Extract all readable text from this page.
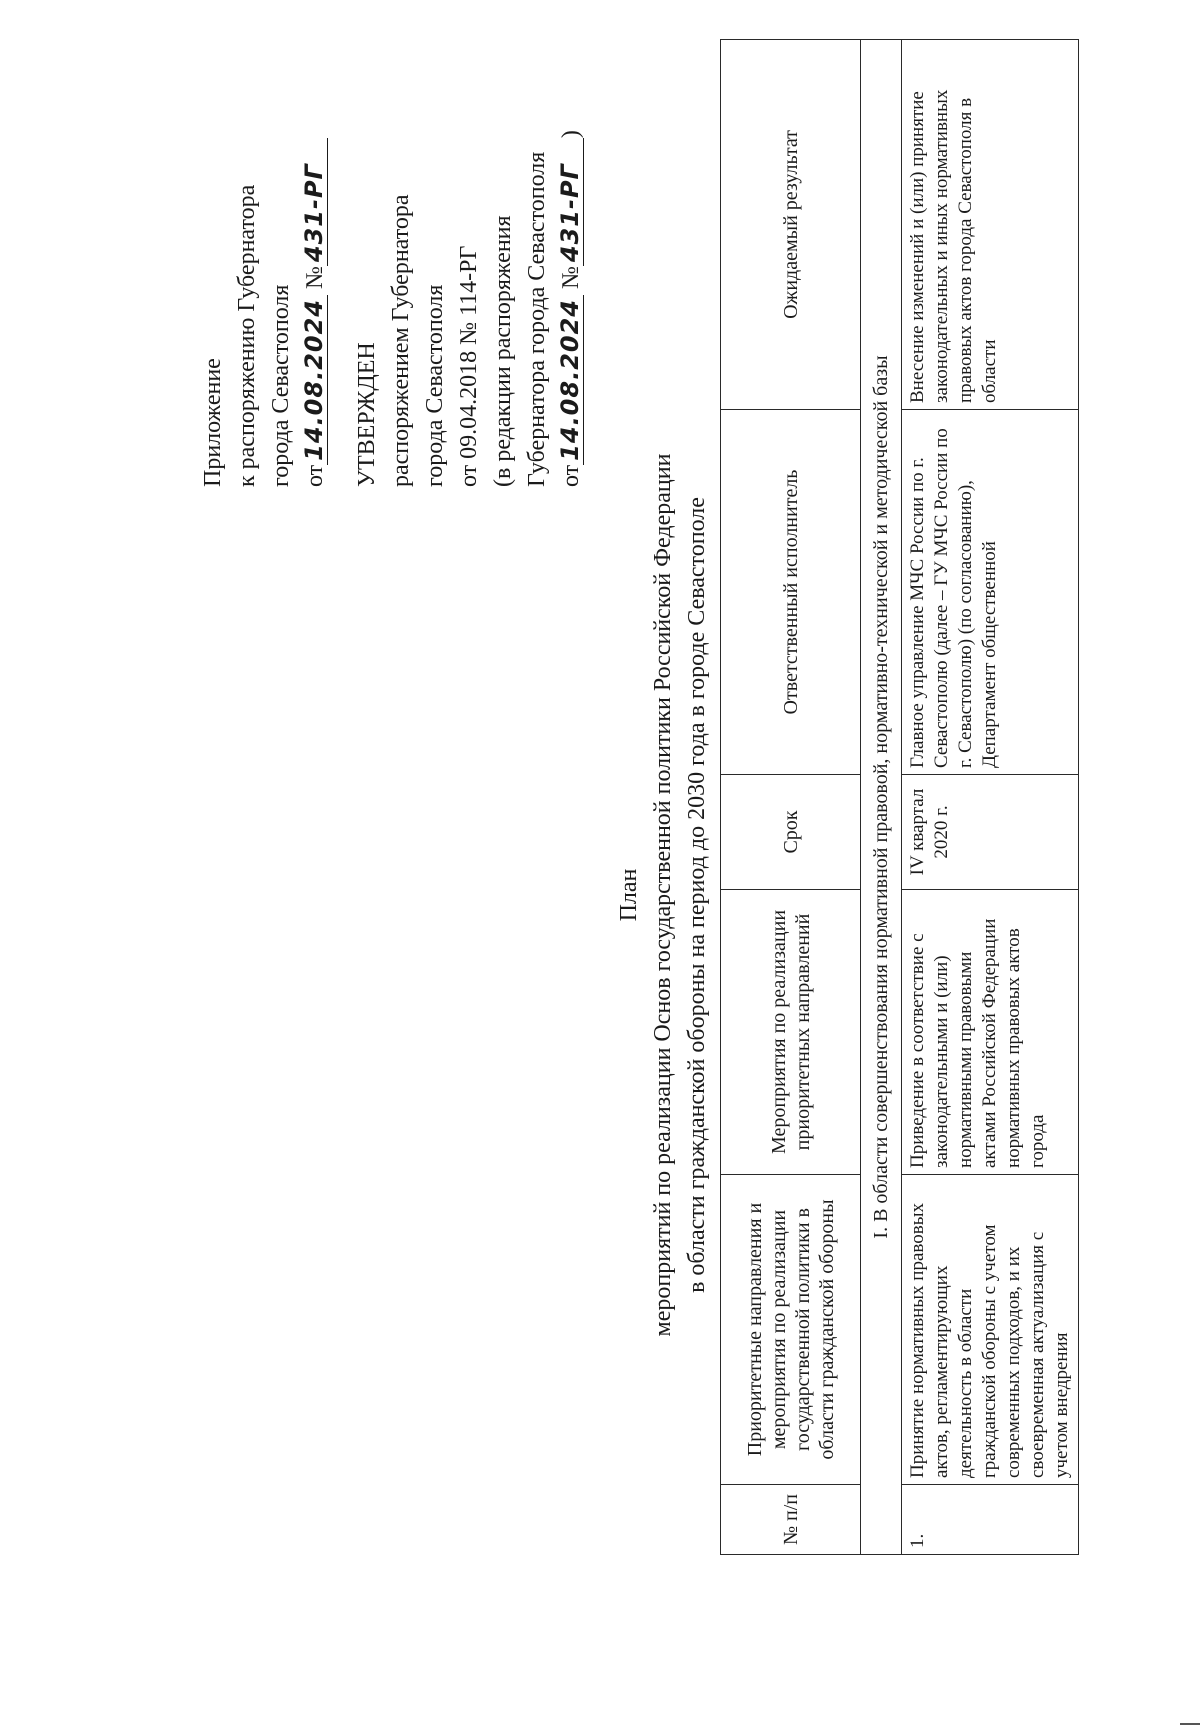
Приложение к распоряжению Губернатора города Севастополя от14.08.2024 №431-РГ
УТВЕРЖДЕН распоряжением Губернатора города Севастополя от 09.04.2018 № 114-РГ (в редакции распоряжения Губернатора города Севастополя от14.08.2024 №431-РГ)
План мероприятий по реализации Основ государственной политики Российской Федерации в области гражданской обороны на период до 2030 года в городе Севастополе
№ п/п	Приоритетные направления и мероприятия по реализации государственной политики в области гражданской обороны	Мероприятия по реализации приоритетных направлений	Срок	Ответственный исполнитель	Ожидаемый результат
I. В области совершенствования нормативной правовой, нормативно-технической и методической базы					
1.	Принятие нормативных правовых актов, регламентирующих деятельность в области гражданской обороны с учетом современных подходов, и их своевременная актуализация с учетом внедрения	Приведение в соответствие с законодательными и (или) нормативными правовыми актами Российской Федерации нормативных правовых актов города	IV квартал 2020 г.	Главное управление МЧС России по г. Севастополю (далее – ГУ МЧС России по г. Севастополю) (по согласованию), Департамент общественной	Внесение изменений и (или) принятие законодательных и иных нормативных правовых актов города Севастополя в области
